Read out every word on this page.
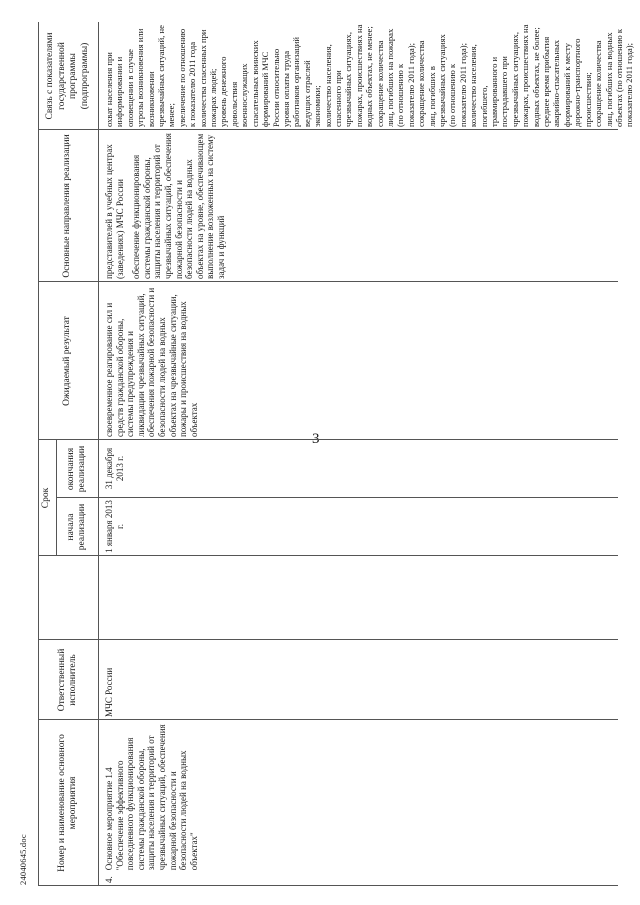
24040645.doc	Номер и наименование основного мероприятия
Ответственный исполнитель
Срок
начала реализации
окончания реализации
Ожидаемый результат
Основные направления реализации
Связь с показателями государственной программы (подпрограммы)
4.
Основное мероприятие 1.4 "Обеспечение эффективного повседневного функционирования системы гражданской обороны, защиты населения и территорий от чрезвычайных ситуаций, обеспечения пожарной безопасности и безопасности людей на водных объектах"
МЧС России
1 января 2013 г.
31 декабря 2013 г.
своевременное реагирование сил и средств гражданской обороны, системы предупреждения и ликвидации чрезвычайных ситуаций, обеспечения пожарной безопасности и безопасности людей на водных объектах на чрезвычайные ситуации, пожары и происшествия на водных объектах

представителей в учебных центрах (заведениях) МЧС России обеспечение функционирования системы гражданской обороны, защиты населения и территорий от чрезвычайных ситуаций, обеспечения пожарной безопасности и безопасности людей на водных объектах на уровне, обеспечивающем выполнение возложенных на систему задач и функций

охват населения при информировании и оповещении в случае угрозы возникновения или возникновении чрезвычайных ситуаций, не менее; увеличение по отношению к показателю 2011 года количества спасенных при пожарах людей; уровень денежного довольствия военнослужащих спасательных воинских формирований МЧС России относительно уровня оплаты труда работников организаций ведущих отраслей экономики; количество населения, спасенного при чрезвычайных ситуациях, пожарах, происшествиях на водных объектах, не менее; сокращение количества лиц, погибших на пожарах (по отношению к показателю 2011 года); сокращение количества лиц, погибших в чрезвычайных ситуациях (по отношению к показателю 2011 года); количество населения, погибшего, травмированного и пострадавшего при чрезвычайных ситуациях, пожарах, происшествиях на водных объектах, не более; среднее время прибытия аварийно-спасательных формирований к месту дорожно-транспортного происшествия; сокращение количества лиц, погибших на водных объектах (по отношению к показателю 2011 года);
